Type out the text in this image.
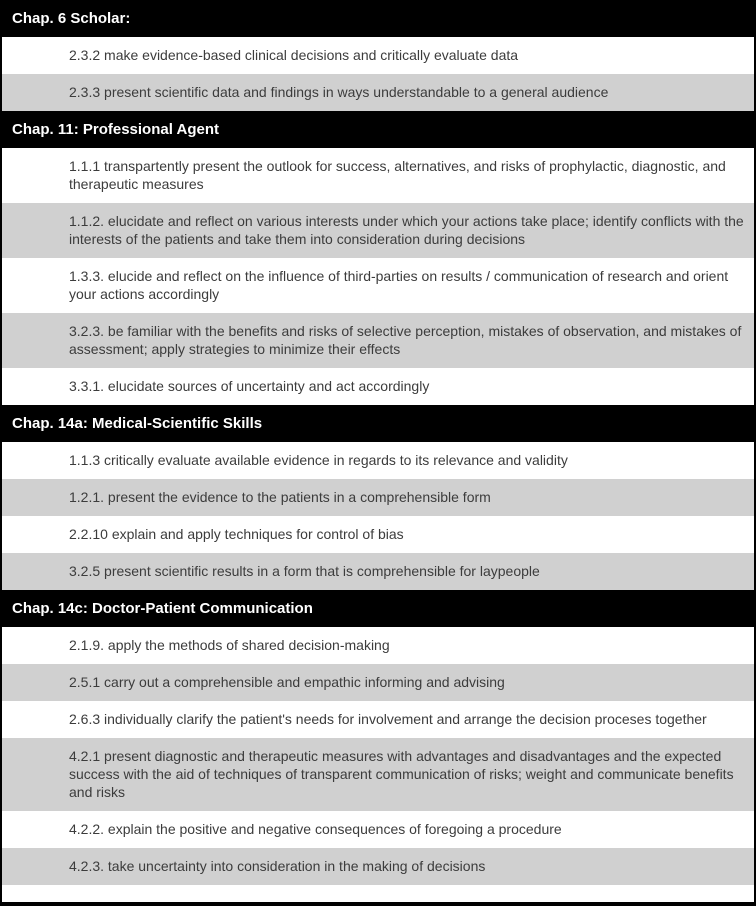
Chap. 6 Scholar:
2.3.2 make evidence-based clinical decisions and critically evaluate data
2.3.3 present scientific data and findings in ways understandable to a general audience
Chap. 11: Professional Agent
1.1.1 transpartently present the outlook for success, alternatives, and risks of prophylactic, diagnostic, and therapeutic measures
1.1.2. elucidate and reflect on various interests under which your actions take place; identify conflicts with the interests of the patients and take them into consideration during decisions
1.3.3. elucide and reflect on the influence of third-parties on results / communication of research and orient your actions accordingly
3.2.3. be familiar with the benefits and risks of selective perception, mistakes of observation, and mistakes of assessment; apply strategies to minimize their effects
3.3.1. elucidate sources of uncertainty and act accordingly
Chap. 14a: Medical-Scientific Skills
1.1.3 critically evaluate available evidence in regards to its relevance and validity
1.2.1. present the evidence to the patients in a comprehensible form
2.2.10 explain and apply techniques for control of bias
3.2.5 present scientific results in a form that is comprehensible for laypeople
Chap. 14c: Doctor-Patient Communication
2.1.9. apply the methods of shared decision-making
2.5.1 carry out a comprehensible and empathic informing and advising
2.6.3 individually clarify the patient's needs for involvement and arrange the decision proceses together
4.2.1 present diagnostic and therapeutic measures with advantages and disadvantages and the expected success with the aid of techniques of transparent communication of risks; weight and communicate benefits and risks
4.2.2. explain the positive and negative consequences of foregoing a procedure
4.2.3. take uncertainty into consideration in the making of decisions
